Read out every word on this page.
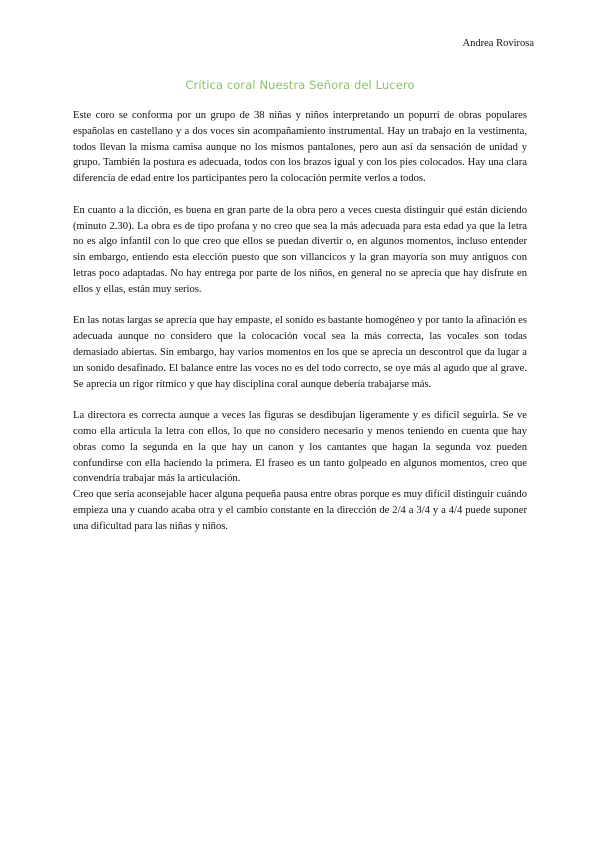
Andrea Rovirosa
Crítica coral Nuestra Señora del Lucero

Este coro se conforma por un grupo de 38 niñas y niños interpretando un popurrí de obras populares españolas en castellano y a dos voces sin acompañamiento instrumental. Hay un trabajo en la vestimenta, todos llevan la misma camisa aunque no los mismos pantalones, pero aun así da sensación de unidad y grupo. También la postura es adecuada, todos con los brazos igual y con los pies colocados. Hay una clara diferencia de edad entre los participantes pero la colocación permite verlos a todos.

En cuanto a la dicción, es buena en gran parte de la obra pero a veces cuesta distinguir qué están diciendo (minuto 2.30). La obra es de tipo profana y no creo que sea la más adecuada para esta edad ya que la letra no es algo infantil con lo que creo que ellos se puedan divertir o, en algunos momentos, incluso entender sin embargo, entiendo esta elección puesto que son villancicos y la gran mayoría son muy antiguos con letras poco adaptadas. No hay entrega por parte de los niños, en general no se aprecia que hay disfrute en ellos y ellas, están muy serios.

En las notas largas se aprecia que hay empaste, el sonido es bastante homogéneo y por tanto la afinación es adecuada aunque no considero que la colocación vocal sea la más correcta, las vocales son todas demasiado abiertas. Sin embargo, hay varios momentos en los que se aprecia un descontrol que da lugar a un sonido desafinado. El balance entre las voces no es del todo correcto, se oye más al agudo que al grave. Se aprecia un rigor rítmico y que hay disciplina coral aunque debería trabajarse más.

La directora es correcta aunque a veces las figuras se desdibujan ligeramente y es difícil seguirla. Se ve como ella articula la letra con ellos, lo que no considero necesario y menos teniendo en cuenta que hay obras como la segunda en la que hay un canon y los cantantes que hagan la segunda voz pueden confundirse con ella haciendo la primera. El fraseo es un tanto golpeado en algunos momentos, creo que convendría trabajar más la articulación.

Creo que sería aconsejable hacer alguna pequeña pausa entre obras porque es muy difícil distinguir cuándo empieza una y cuando acaba otra y el cambio constante en la dirección de 2/4 a 3/4 y a 4/4 puede suponer una dificultad para las niñas y niños.
